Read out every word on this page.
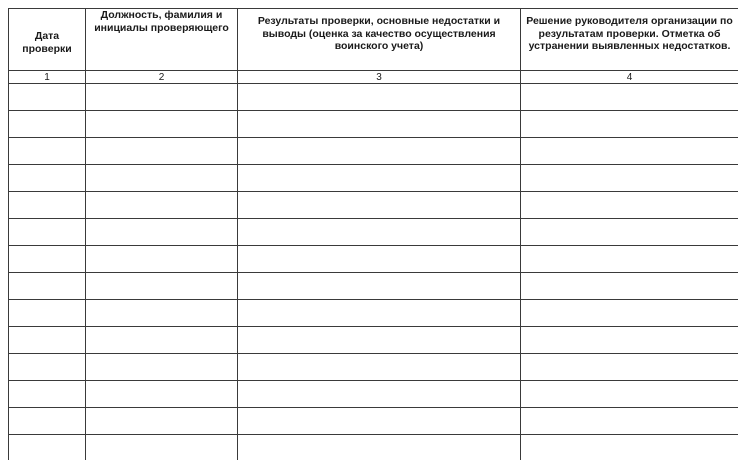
Дата проверки	Должность, фамилия и инициалы проверяющего	Результаты проверки, основные недостатки и выводы (оценка за качество осуществления воинского учета)	Решение руководителя организации по результатам проверки. Отметка об устранении выявленных недостатков.
1	2	3	4
